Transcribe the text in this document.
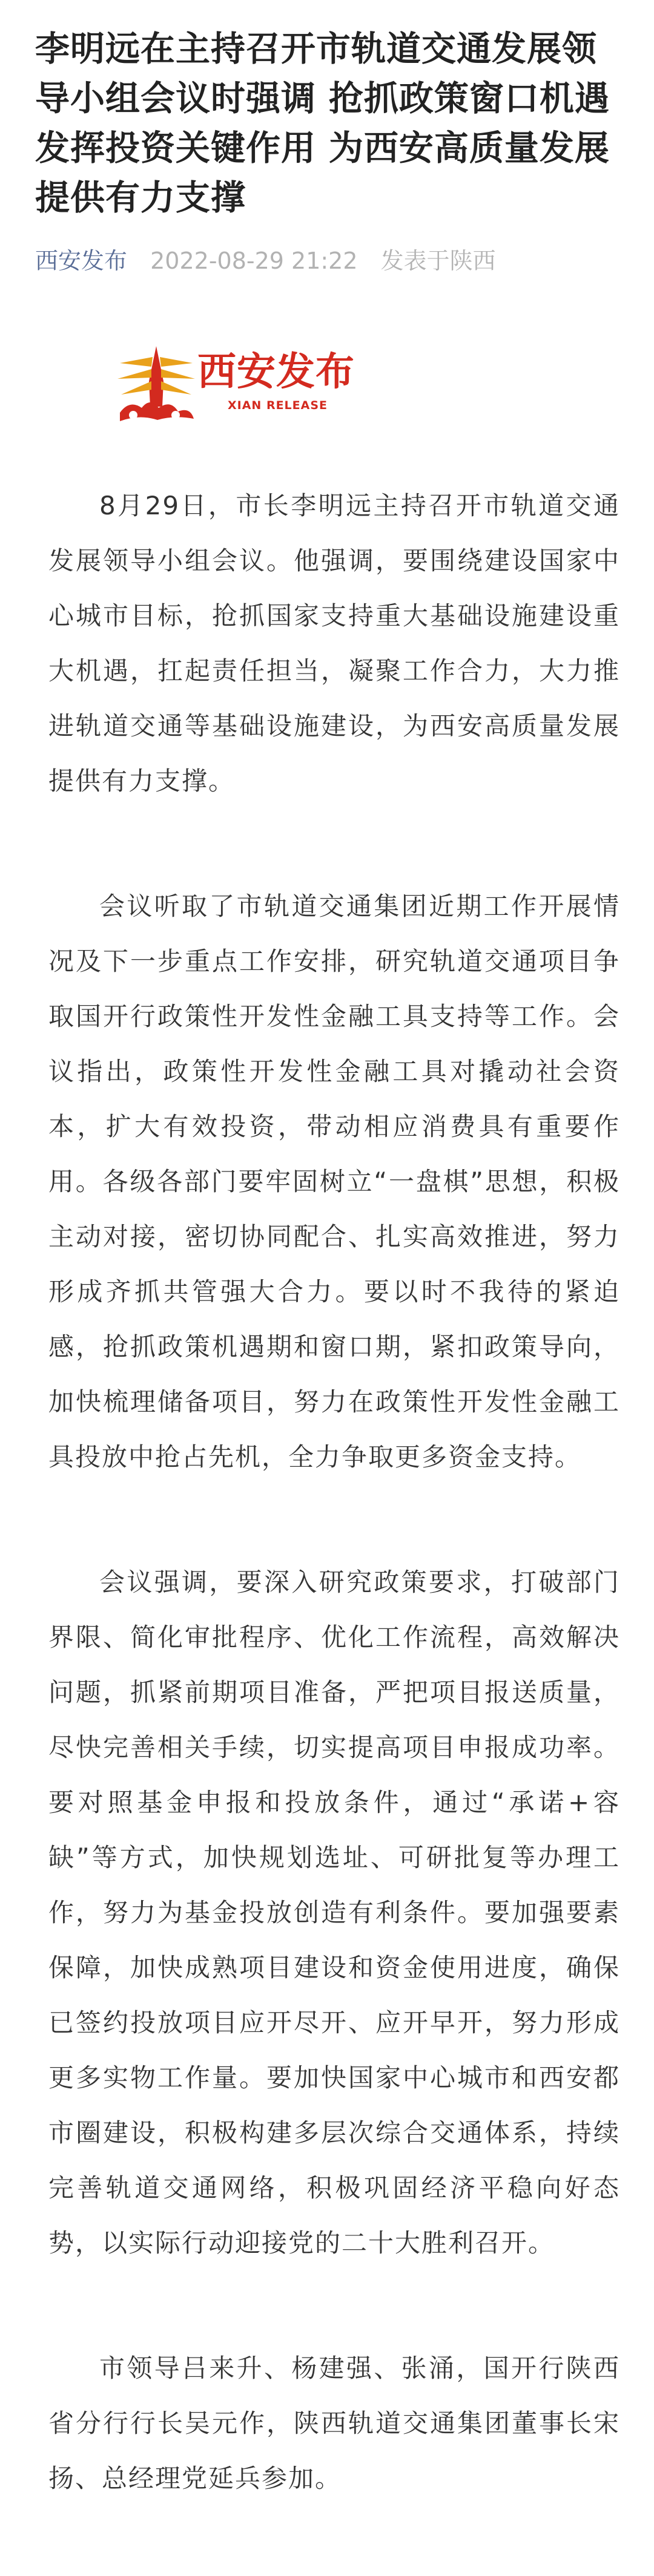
李明远在主持召开市轨道交通发展领导小组会议时强调 抢抓政策窗口机遇 发挥投资关键作用 为西安高质量发展提供有力支撑
西安发布 2022-08-29 21:22 发表于陕西
西安发布
XIAN RELEASE

8月29日，市长李明远主持召开市轨道交通发展领导小组会议。他强调，要围绕建设国家中心城市目标，抢抓国家支持重大基础设施建设重大机遇，扛起责任担当，凝聚工作合力，大力推进轨道交通等基础设施建设，为西安高质量发展提供有力支撑。

会议听取了市轨道交通集团近期工作开展情况及下一步重点工作安排，研究轨道交通项目争取国开行政策性开发性金融工具支持等工作。会议指出，政策性开发性金融工具对撬动社会资本，扩大有效投资，带动相应消费具有重要作用。各级各部门要牢固树立“一盘棋”思想，积极主动对接，密切协同配合、扎实高效推进，努力形成齐抓共管强大合力。要以时不我待的紧迫感，抢抓政策机遇期和窗口期，紧扣政策导向，加快梳理储备项目，努力在政策性开发性金融工具投放中抢占先机，全力争取更多资金支持。

会议强调，要深入研究政策要求，打破部门界限、简化审批程序、优化工作流程，高效解决问题，抓紧前期项目准备，严把项目报送质量，尽快完善相关手续，切实提高项目申报成功率。要对照基金申报和投放条件，通过“承诺+容缺”等方式，加快规划选址、可研批复等办理工作，努力为基金投放创造有利条件。要加强要素保障，加快成熟项目建设和资金使用进度，确保已签约投放项目应开尽开、应开早开，努力形成更多实物工作量。要加快国家中心城市和西安都市圈建设，积极构建多层次综合交通体系，持续完善轨道交通网络，积极巩固经济平稳向好态势，以实际行动迎接党的二十大胜利召开。

市领导吕来升、杨建强、张涌，国开行陕西省分行行长吴元作，陕西轨道交通集团董事长宋扬、总经理党延兵参加。
